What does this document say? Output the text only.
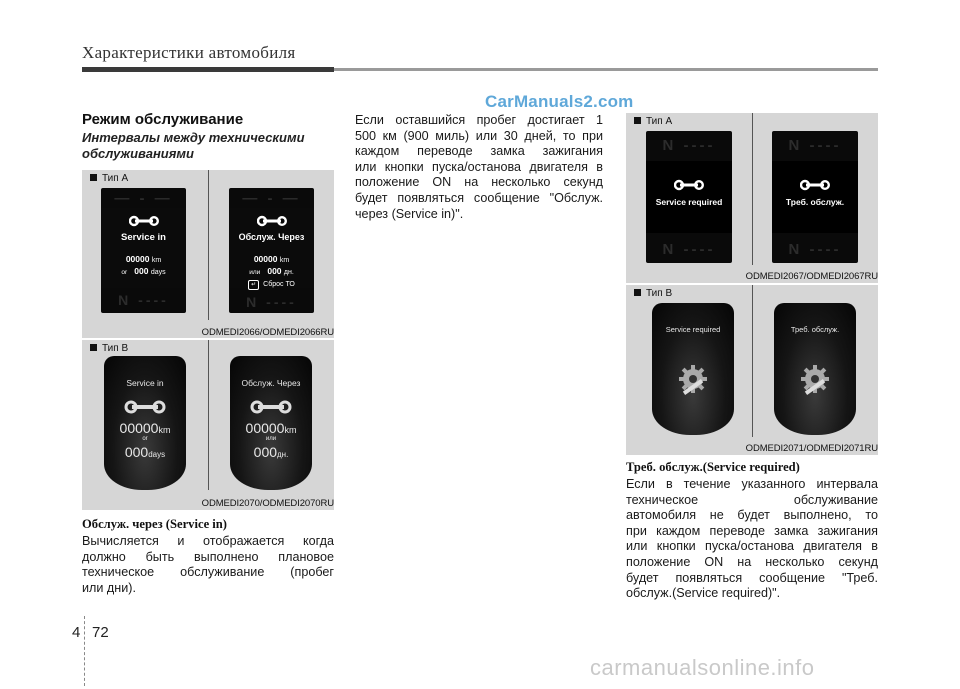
Характеристики автомобиля
CarManuals2.com
Режим обслуживание
Интервалы между техническими обслуживаниями
Тип А
— - —
Service in
00000 km
or 000 days
N ----
— - —
Обслуж. Через
00000 km
или 000 дн.
↵ Сброс ТО
N ----
ODMEDI2066/ODMEDI2066RU
Тип В
Service in
00000km
or
000days
Обслуж. Через
00000km
или
000дн.
ODMEDI2070/ODMEDI2070RU
Обслуж. через (Service in)
Вычисляется и отображается когда
должно быть выполнено плановое
техническое обслуживание (пробег
или дни).
Если оставшийся пробег достигает 1
500 км (900 миль) или 30 дней, то при
каждом переводе замка зажигания
или кнопки пуска/останова двигателя в
положение ON на несколько секунд
будет появляться сообщение "Обслуж.
через (Service in)".
Тип А
N ----
Service required
N ----
N ----
Треб. обслуж.
N ----
ODMEDI2067/ODMEDI2067RU
Тип В
Service required	Треб. обслуж.
ODMEDI2071/ODMEDI2071RU
Треб. обслуж.(Service required)
Если в течение указанного интервала
техническое обслуживание
автомобиля не будет выполнено, то
при каждом переводе замка зажигания
или кнопки пуска/останова двигателя в
положение ON на несколько секунд
будет появляться сообщение "Треб.
обслуж.(Service required)".
4 72
carmanualsonline.info
